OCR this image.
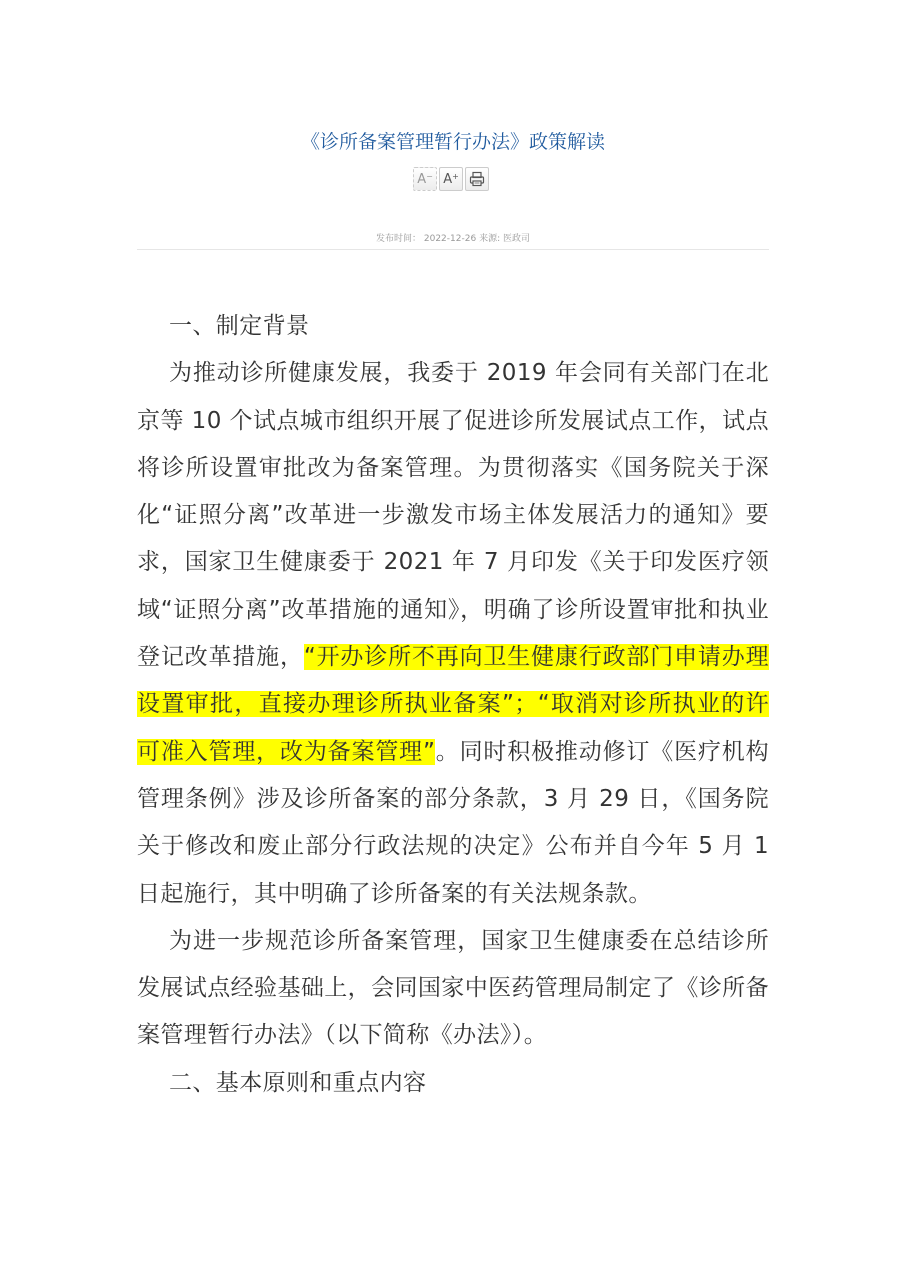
《诊所备案管理暂行办法》政策解读
A− A+
发布时间： 2022-12-26 来源: 医政司

一、制定背景

为推动诊所健康发展，我委于 2019 年会同有关部门在北京等 10 个试点城市组织开展了促进诊所发展试点工作，试点将诊所设置审批改为备案管理。为贯彻落实《国务院关于深化“证照分离”改革进一步激发市场主体发展活力的通知》要求，国家卫生健康委于 2021 年 7 月印发《关于印发医疗领域“证照分离”改革措施的通知》，明确了诊所设置审批和执业登记改革措施，“开办诊所不再向卫生健康行政部门申请办理设置审批，直接办理诊所执业备案”；“取消对诊所执业的许可准入管理，改为备案管理”。同时积极推动修订《医疗机构管理条例》涉及诊所备案的部分条款，3 月 29 日，《国务院关于修改和废止部分行政法规的决定》公布并自今年 5 月 1 日起施行，其中明确了诊所备案的有关法规条款。

为进一步规范诊所备案管理，国家卫生健康委在总结诊所发展试点经验基础上，会同国家中医药管理局制定了《诊所备案管理暂行办法》（以下简称《办法》）。

二、基本原则和重点内容
